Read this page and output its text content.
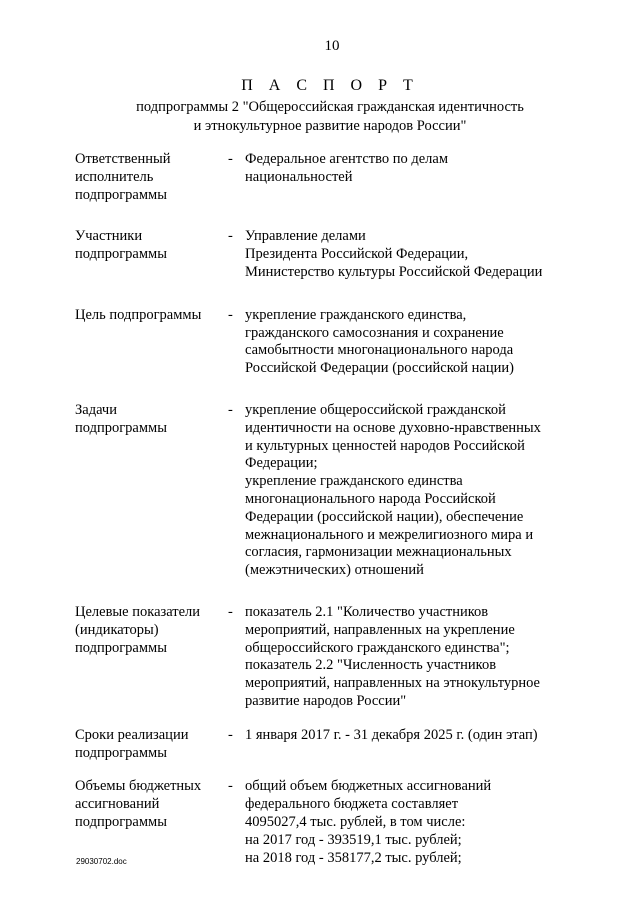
10
П А С П О Р Т
подпрограммы 2 "Общероссийская гражданская идентичность
и этнокультурное развитие народов России"
Ответственный
исполнитель
подпрограммы
- Федеральное агентство по делам
национальностей
Участники
подпрограммы
- Управление делами
Президента Российской Федерации,
Министерство культуры Российской Федерации
Цель подпрограммы	- укрепление гражданского единства,
гражданского самосознания и сохранение
самобытности многонационального народа
Российской Федерации (российской нации)
Задачи
подпрограммы
- укрепление общероссийской гражданской
идентичности на основе духовно-нравственных
и культурных ценностей народов Российской
Федерации;
укрепление гражданского единства
многонационального народа Российской
Федерации (российской нации), обеспечение
межнационального и межрелигиозного мира и
согласия, гармонизации межнациональных
(межэтнических) отношений
Целевые показатели
(индикаторы)
подпрограммы
- показатель 2.1 "Количество участников
мероприятий, направленных на укрепление
общероссийского гражданского единства";
показатель 2.2 "Численность участников
мероприятий, направленных на этнокультурное
развитие народов России"
Сроки реализации
подпрограммы
- 1 января 2017 г. - 31 декабря 2025 г. (один этап)
Объемы бюджетных
ассигнований
подпрограммы
- общий объем бюджетных ассигнований
федерального бюджета составляет
4095027,4 тыс. рублей, в том числе:
на 2017 год - 393519,1 тыс. рублей;
на 2018 год - 358177,2 тыс. рублей;
29030702.doc
